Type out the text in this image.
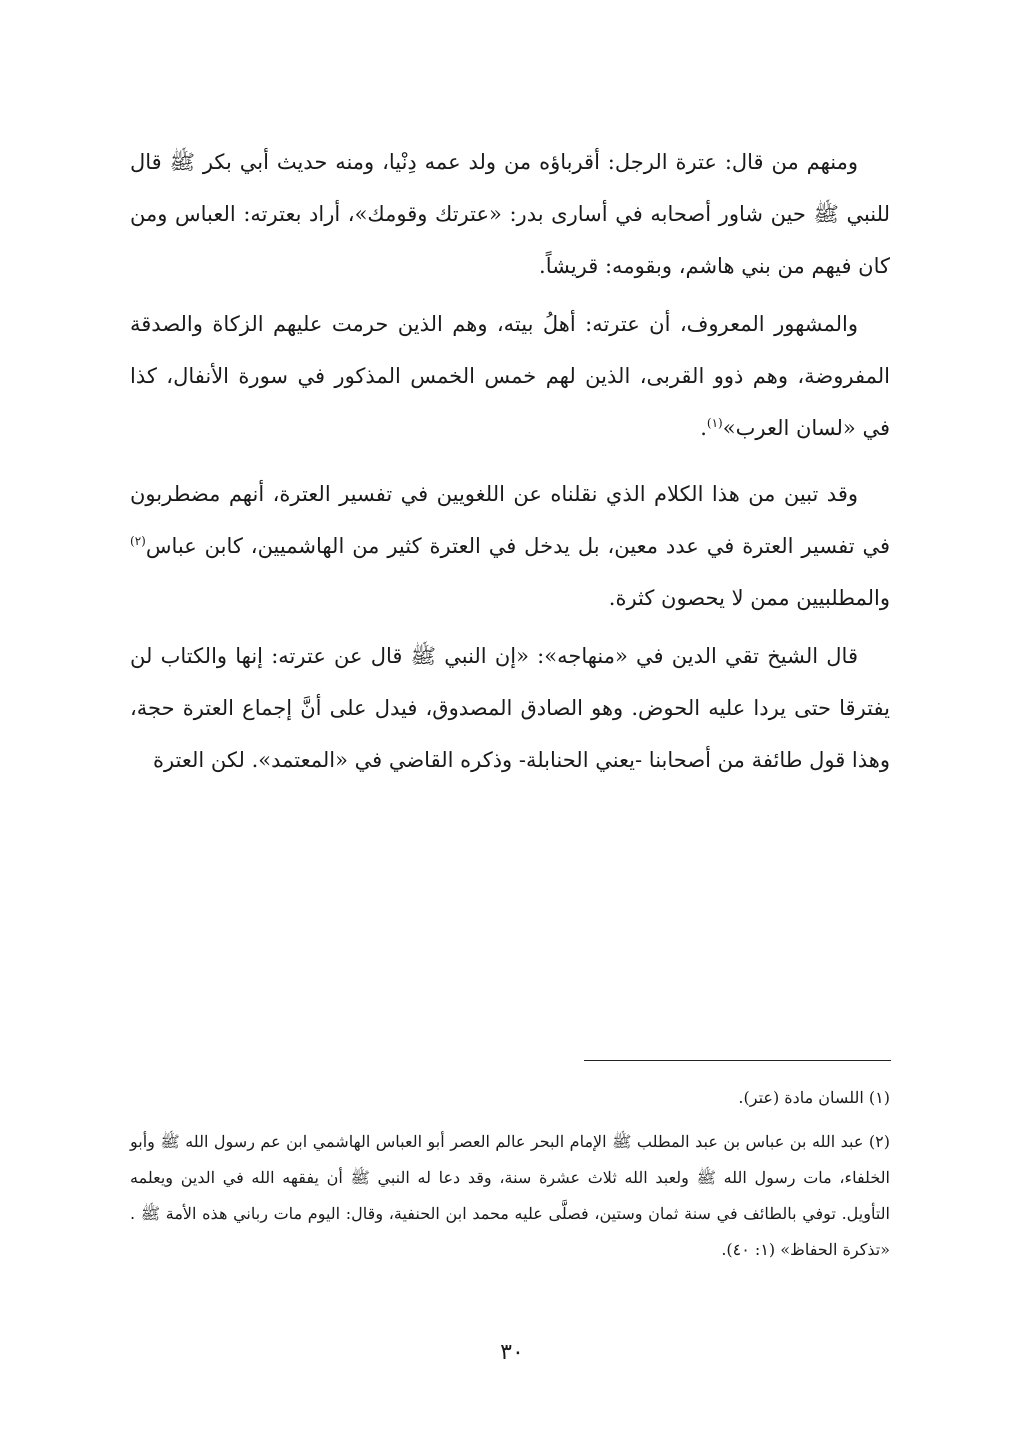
ومنهم من قال: عترة الرجل: أقرباؤه من ولد عمه دِنْيا، ومنه حديث أبي بكر ﷺ قال للنبي ﷺ حين شاور أصحابه في أسارى بدر: «عترتك وقومك»، أراد بعترته: العباس ومن كان فيهم من بني هاشم، وبقومه: قريشاً.

والمشهور المعروف، أن عترته: أهلُ بيته، وهم الذين حرمت عليهم الزكاة والصدقة المفروضة، وهم ذوو القربى، الذين لهم خمس الخمس المذكور في سورة الأنفال، كذا في «لسان العرب»$^{(١)}$.

وقد تبين من هذا الكلام الذي نقلناه عن اللغويين في تفسير العترة، أنهم مضطربون في تفسير العترة في عدد معين، بل يدخل في العترة كثير من الهاشميين، كابن عباس$^{(٢)}$ والمطلبيين ممن لا يحصون كثرة.

قال الشيخ تقي الدين في «منهاجه»: «إن النبي ﷺ قال عن عترته: إنها والكتاب لن يفترقا حتى يردا عليه الحوض. وهو الصادق المصدوق، فيدل على أنَّ إجماع العترة حجة، وهذا قول طائفة من أصحابنا -يعني الحنابلة- وذكره القاضي في «المعتمد». لكن العترة

(١) اللسان مادة (عتر).

(٢) عبد الله بن عباس بن عبد المطلب ﷺ الإمام البحر عالم العصر أبو العباس الهاشمي ابن عم رسول الله ﷺ وأبو الخلفاء، مات رسول الله ﷺ ولعبد الله ثلاث عشرة سنة، وقد دعا له النبي ﷺ أن يفقهه الله في الدين ويعلمه التأويل. توفي بالطائف في سنة ثمان وستين، فصلَّى عليه محمد ابن الحنفية، وقال: اليوم مات رباني هذه الأمة ﷺ . «تذكرة الحفاظ» (١: ٤٠).

٣٠
